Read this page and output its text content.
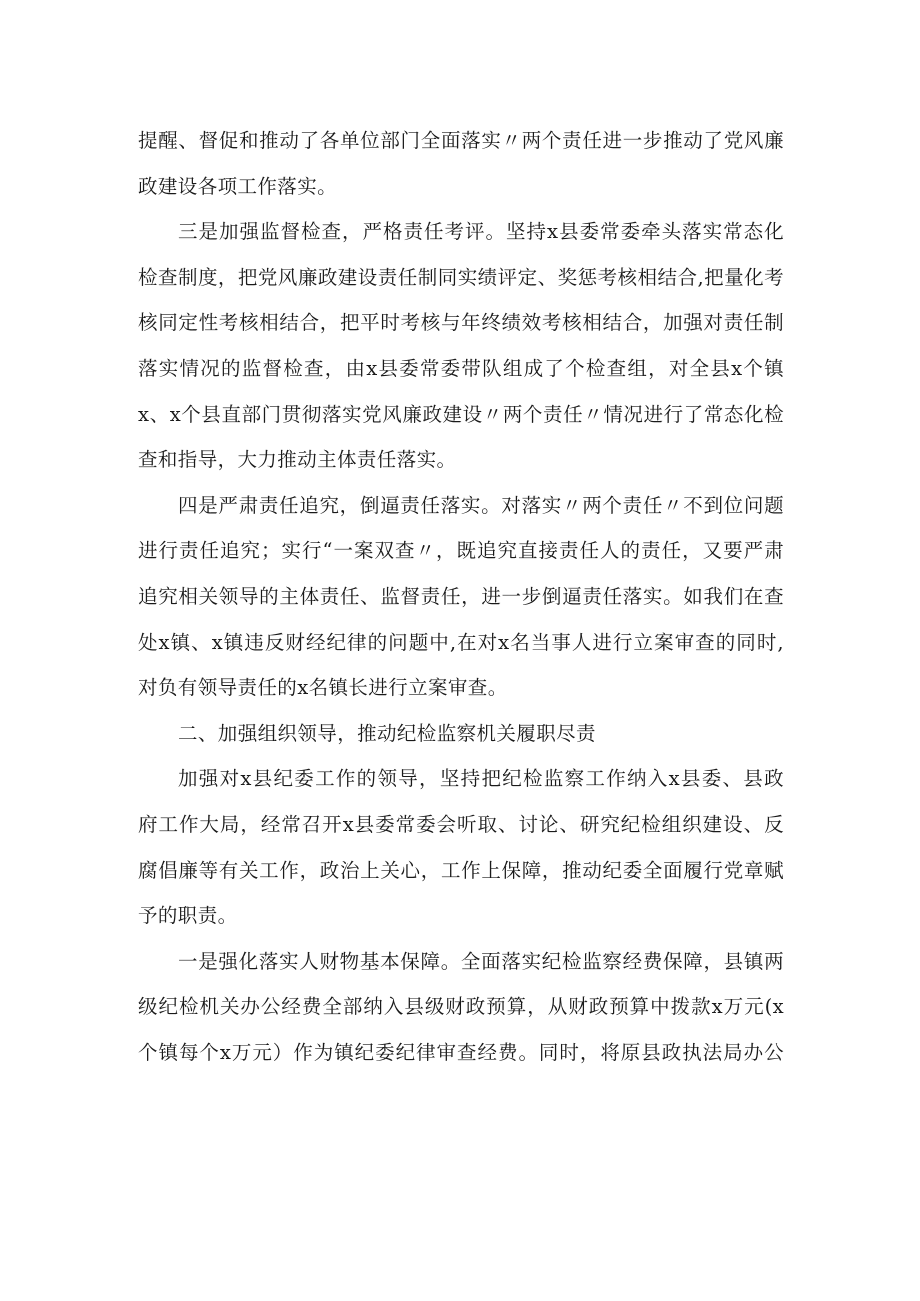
提醒、督促和推动了各单位部门全面落实〃两个责任进一步推动了党风廉
政建设各项工作落实。
三是加强监督检查，严格责任考评。坚持x县委常委牵头落实常态化
检查制度，把党风廉政建设责任制同实绩评定、奖惩考核相结合,把量化考
核同定性考核相结合，把平时考核与年终绩效考核相结合，加强对责任制
落实情况的监督检查，由x县委常委带队组成了个检查组，对全县x个镇
x、x个县直部门贯彻落实党风廉政建设〃两个责任〃情况进行了常态化检
查和指导，大力推动主体责任落实。
四是严肃责任追究，倒逼责任落实。对落实〃两个责任〃不到位问题
进行责任追究；实行“一案双查〃，既追究直接责任人的责任，又要严肃
追究相关领导的主体责任、监督责任，进一步倒逼责任落实。如我们在查
处x镇、x镇违反财经纪律的问题中,在对x名当事人进行立案审查的同时,
对负有领导责任的x名镇长进行立案审查。
二、加强组织领导，推动纪检监察机关履职尽责
加强对x县纪委工作的领导，坚持把纪检监察工作纳入x县委、县政
府工作大局，经常召开x县委常委会听取、讨论、研究纪检组织建设、反
腐倡廉等有关工作，政治上关心，工作上保障，推动纪委全面履行党章赋
予的职责。
一是强化落实人财物基本保障。全面落实纪检监察经费保障，县镇两
级纪检机关办公经费全部纳入县级财政预算，从财政预算中拨款x万元(x
个镇每个x万元）作为镇纪委纪律审查经费。同时，将原县政执法局办公
